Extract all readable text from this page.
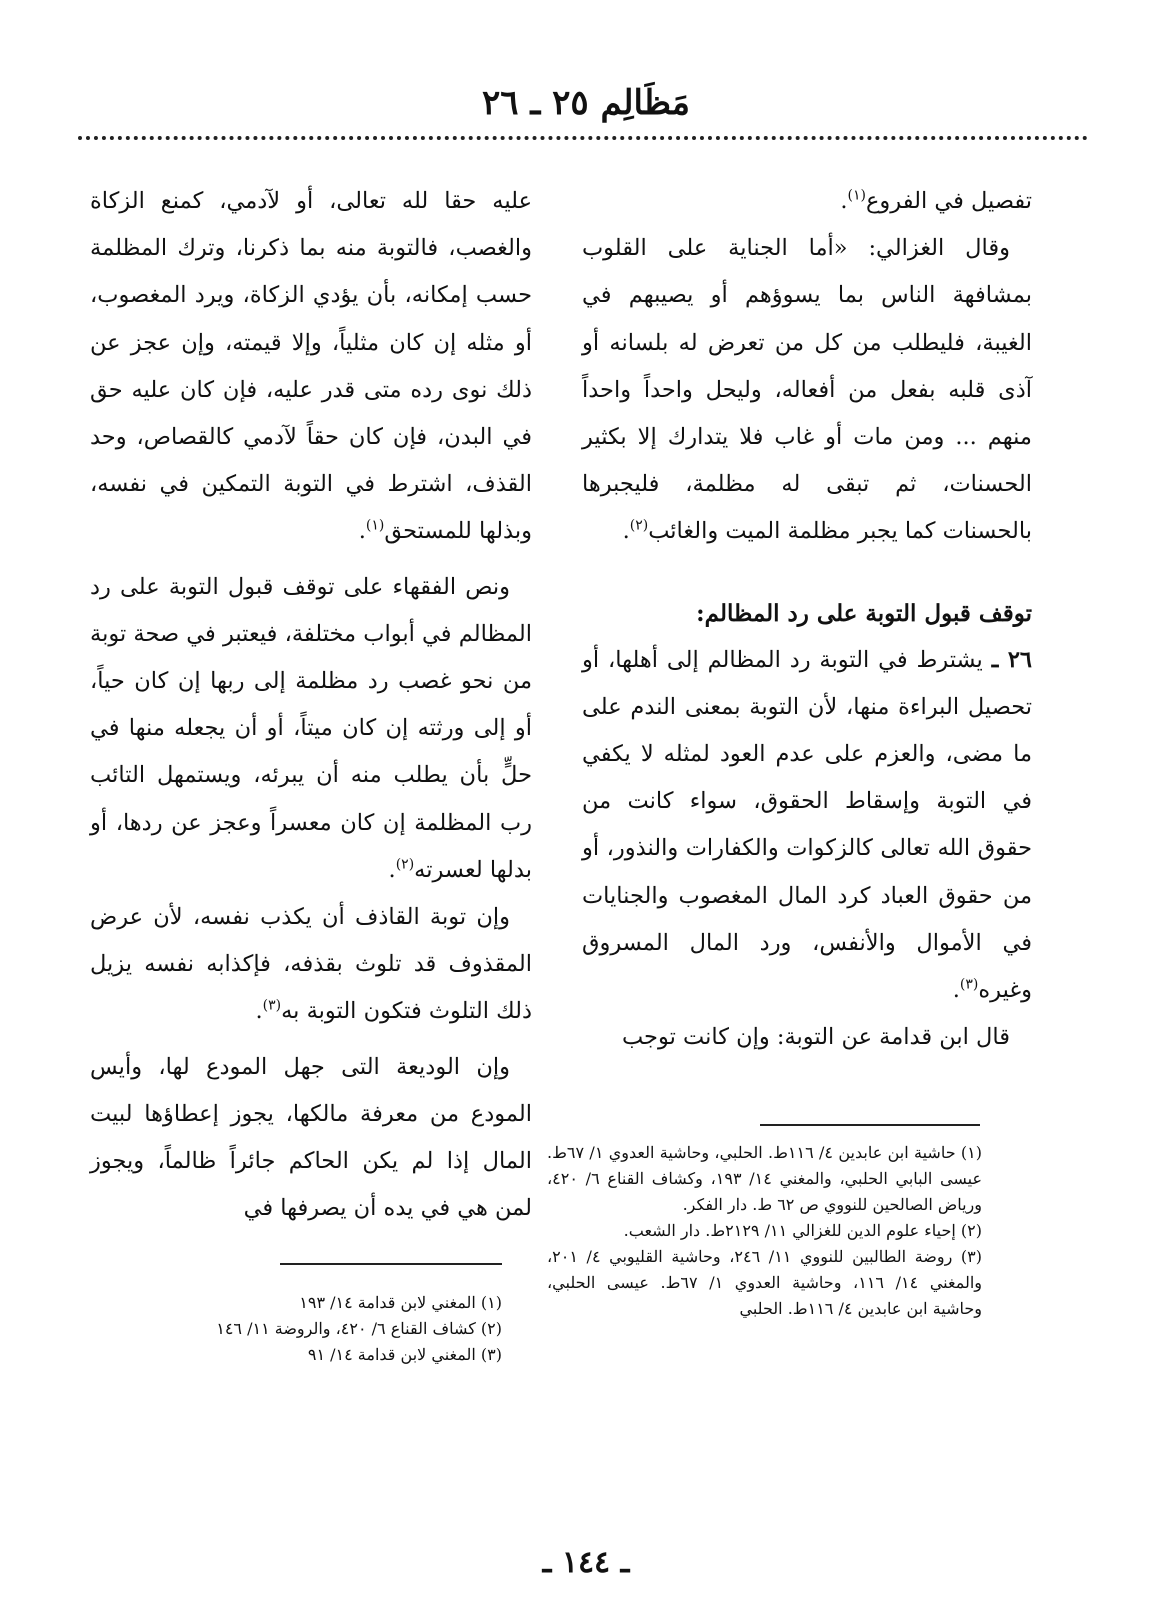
مَظَالِم ٢٥ ـ ٢٦

تفصيل في الفروع$^{(١)}$.

وقال الغزالي: «أما الجناية على القلوب بمشافهة الناس بما يسوؤهم أو يصيبهم في الغيبة، فليطلب من كل من تعرض له بلسانه أو آذى قلبه بفعل من أفعاله، وليحل واحداً واحداً منهم ... ومن مات أو غاب فلا يتدارك إلا بكثير الحسنات، ثم تبقى له مظلمة، فليجبرها بالحسنات كما يجبر مظلمة الميت والغائب$^{(٢)}$.

توقف قبول التوبة على رد المظالم:

٢٦ ـ يشترط في التوبة رد المظالم إلى أهلها، أو تحصيل البراءة منها، لأن التوبة بمعنى الندم على ما مضى، والعزم على عدم العود لمثله لا يكفي في التوبة وإسقاط الحقوق، سواء كانت من حقوق الله تعالى كالزكوات والكفارات والنذور، أو من حقوق العباد كرد المال المغصوب والجنايات في الأموال والأنفس، ورد المال المسروق وغيره$^{(٣)}$.

قال ابن قدامة عن التوبة: وإن كانت توجب

عليه حقا لله تعالى، أو لآدمي، كمنع الزكاة والغصب، فالتوبة منه بما ذكرنا، وترك المظلمة حسب إمكانه، بأن يؤدي الزكاة، ويرد المغصوب، أو مثله إن كان مثلياً، وإلا قيمته، وإن عجز عن ذلك نوى رده متى قدر عليه، فإن كان عليه حق في البدن، فإن كان حقاً لآدمي كالقصاص، وحد القذف، اشترط في التوبة التمكين في نفسه، وبذلها للمستحق$^{(١)}$.

ونص الفقهاء على توقف قبول التوبة على رد المظالم في أبواب مختلفة، فيعتبر في صحة توبة من نحو غصب رد مظلمة إلى ربها إن كان حياً، أو إلى ورثته إن كان ميتاً، أو أن يجعله منها في حلٍّ بأن يطلب منه أن يبرئه، ويستمهل التائب رب المظلمة إن كان معسراً وعجز عن ردها، أو بدلها لعسرته$^{(٢)}$.

وإن توبة القاذف أن يكذب نفسه، لأن عرض المقذوف قد تلوث بقذفه، فإكذابه نفسه يزيل ذلك التلوث فتكون التوبة به$^{(٣)}$.

وإن الوديعة التى جهل المودع لها، وأيس المودع من معرفة مالكها، يجوز إعطاؤها لبيت المال إذا لم يكن الحاكم جائراً ظالماً، ويجوز لمن هي في يده أن يصرفها في

(١) حاشية ابن عابدين ٤/ ١١٦ط. الحلبي، وحاشية العدوي ١/ ٦٧ط. عيسى البابي الحلبي، والمغني ١٤/ ١٩٣، وكشاف القناع ٦/ ٤٢٠، ورياض الصالحين للنووي ص ٦٢ ط. دار الفكر.
(٢) إحياء علوم الدين للغزالي ١١/ ٢١٢٩ط. دار الشعب.
(٣) روضة الطالبين للنووي ١١/ ٢٤٦، وحاشية القليوبي ٤/ ٢٠١، والمغني ١٤/ ١١٦، وحاشية العدوي ١/ ٦٧ط. عيسى الحلبي، وحاشية ابن عابدين ٤/ ١١٦ط. الحلبي
(١) المغني لابن قدامة ١٤/ ١٩٣
(٢) كشاف القناع ٦/ ٤٢٠، والروضة ١١/ ١٤٦
(٣) المغني لابن قدامة ١٤/ ٩١
ـ ١٤٤ ـ
